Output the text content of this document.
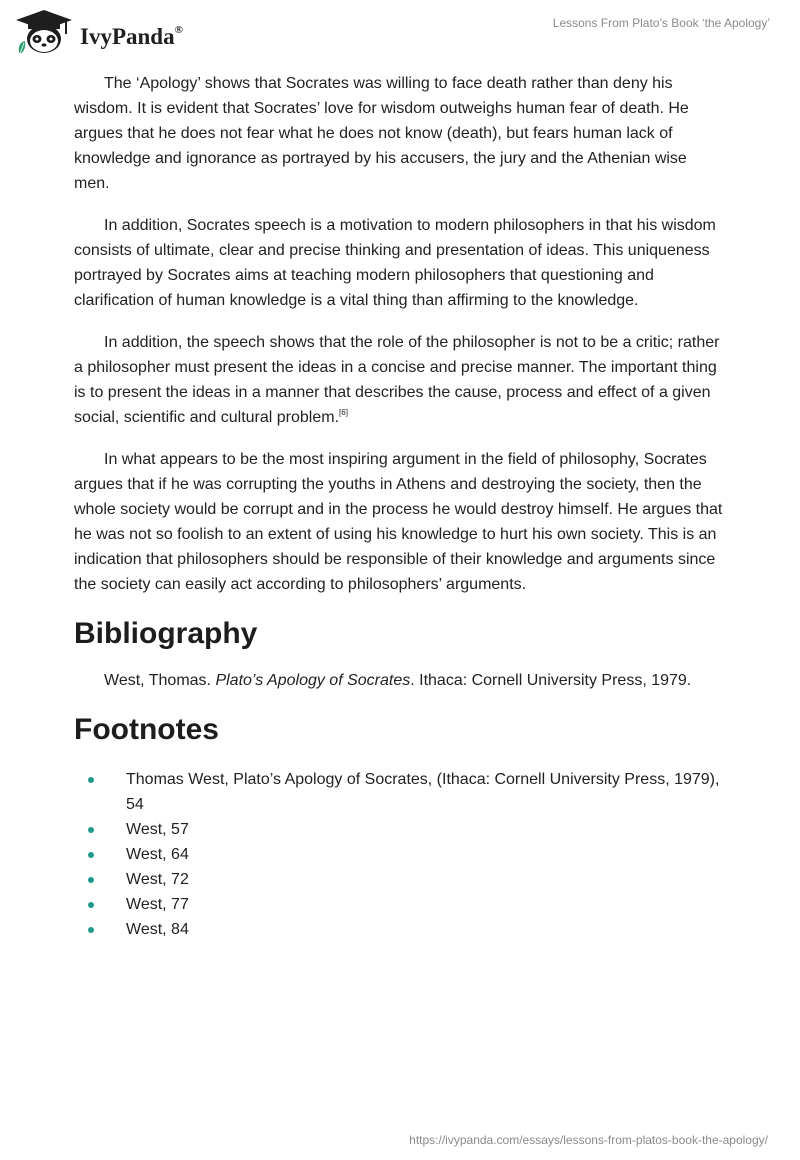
IvyPanda®
Lessons From Plato’s Book ‘the Apology’

The ‘Apology’ shows that Socrates was willing to face death rather than deny his wisdom. It is evident that Socrates’ love for wisdom outweighs human fear of death. He argues that he does not fear what he does not know (death), but fears human lack of knowledge and ignorance as portrayed by his accusers, the jury and the Athenian wise men.

In addition, Socrates speech is a motivation to modern philosophers in that his wisdom consists of ultimate, clear and precise thinking and presentation of ideas. This uniqueness portrayed by Socrates aims at teaching modern philosophers that questioning and clarification of human knowledge is a vital thing than affirming to the knowledge.

In addition, the speech shows that the role of the philosopher is not to be a critic; rather a philosopher must present the ideas in a concise and precise manner. The important thing is to present the ideas in a manner that describes the cause, process and effect of a given social, scientific and cultural problem.[6]

In what appears to be the most inspiring argument in the field of philosophy, Socrates argues that if he was corrupting the youths in Athens and destroying the society, then the whole society would be corrupt and in the process he would destroy himself. He argues that he was not so foolish to an extent of using his knowledge to hurt his own society. This is an indication that philosophers should be responsible of their knowledge and arguments since the society can easily act according to philosophers’ arguments.

Bibliography

West, Thomas. Plato’s Apology of Socrates. Ithaca: Cornell University Press, 1979.

Footnotes
Thomas West, Plato’s Apology of Socrates, (Ithaca: Cornell University Press, 1979), 54
West, 57
West, 64
West, 72
West, 77
West, 84
https://ivypanda.com/essays/lessons-from-platos-book-the-apology/
